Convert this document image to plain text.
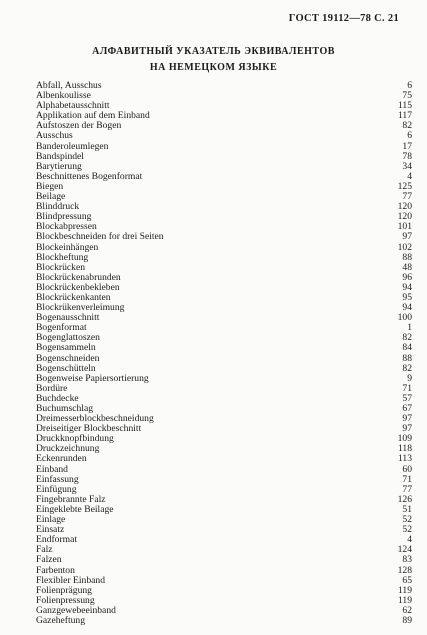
ГОСТ 19112—78 С. 21
АЛФАВИТНЫЙ УКАЗАТЕЛЬ ЭКВИВАЛЕНТОВ
НА НЕМЕЦКОМ ЯЗЫКЕ
Abfall, Ausschus	6
Albenkoulisse	75
Alphabetausschnitt	115
Applikation auf dem Einband	117
Aufstoszen der Bogen	82
Ausschus	6
Banderoleumlegen	17
Bandspindel	78
Barytierung	34
Beschnittenes Bogenformat	4
Biegen	125
Beilage	77
Blinddruck	120
Blindpressung	120
Blockabpressen	101
Blockbeschneiden for drei Seiten	97
Blockeinhängen	102
Blockheftung	88
Blockrücken	48
Blockrückenabrunden	96
Blockrückenbekleben	94
Blockrückenkanten	95
Blockrükenverleimung	94
Bogenausschnitt	100
Bogenformat	1
Bogenglattoszen	82
Bogensammeln	84
Bogenschneiden	88
Bogenschütteln	82
Bogenweise Papiersortierung	9
Bordüre	71
Buchdecke	57
Buchumschlag	67
Dreimesserblockbeschneidung	97
Dreiseitiger Blockbeschnitt	97
Druckknopfbindung	109
Druckzeichnung	118
Eckenrunden	113
Einband	60
Einfassung	71
Einfügung	77
Fingebrannte Falz	126
Eingeklebte Beilage	51
Einlage	52
Einsatz	52
Endformat	4
Falz	124
Falzen	83
Farbenton	128
Flexibler Einband	65
Folienprägung	119
Folienpressung	119
Ganzgewebeeinband	62
Gazeheftung	89
